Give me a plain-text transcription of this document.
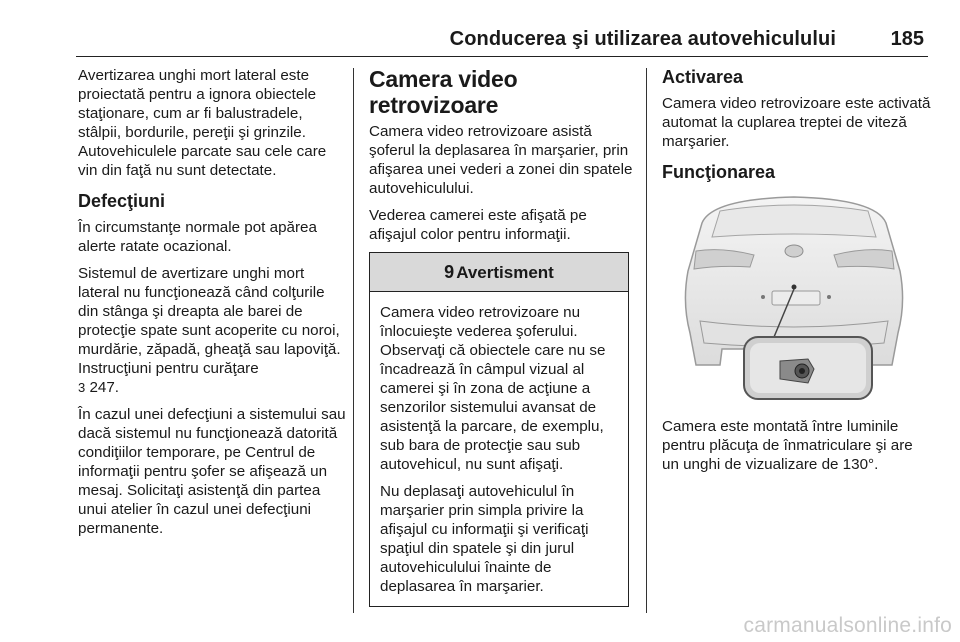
Conducerea şi utilizarea autovehiculului	185

Avertizarea unghi mort lateral este proiectată pentru a ignora obiectele staţionare, cum ar fi balustradele, stâlpii, bordurile, pereţii şi grinzile. Autovehiculele parcate sau cele care vin din faţă nu sunt detectate.

Defecţiuni

În circumstanţe normale pot apărea alerte ratate ocazional.

Sistemul de avertizare unghi mort lateral nu funcţionează când colţurile din stânga şi dreapta ale barei de protecţie spate sunt acoperite cu noroi, murdărie, zăpadă, gheaţă sau lapoviţă. Instrucţiuni pentru curăţare
3 247.

În cazul unei defecţiuni a sistemului sau dacă sistemul nu funcţionează datorită condiţiilor temporare, pe Centrul de informaţii pentru şofer se afişează un mesaj. Solicitaţi asistenţă din partea unui atelier în cazul unei defecţiuni permanente.

Camera video retrovizoare

Camera video retrovizoare asistă şoferul la deplasarea în marşarier, prin afişarea unei vederi a zonei din spatele autovehiculului.

Vederea camerei este afişată pe afişajul color pentru informaţii.

9 Avertisment

Camera video retrovizoare nu înlocuieşte vederea şoferului. Observaţi că obiectele care nu se încadrează în câmpul vizual al camerei şi în zona de acţiune a senzorilor sistemului avansat de asistenţă la parcare, de exemplu, sub bara de protecţie sau sub autovehicul, nu sunt afişaţi.

Nu deplasaţi autovehiculul în marşarier prin simpla privire la afişajul cu informaţii şi verificaţi spaţiul din spatele şi din jurul autovehiculului înainte de deplasarea în marşarier.

Activarea

Camera video retrovizoare este activată automat la cuplarea treptei de viteză marşarier.

Funcţionarea

Camera este montată între luminile pentru plăcuţa de înmatriculare şi are un unghi de vizualizare de 130°.

carmanualsonline.info
